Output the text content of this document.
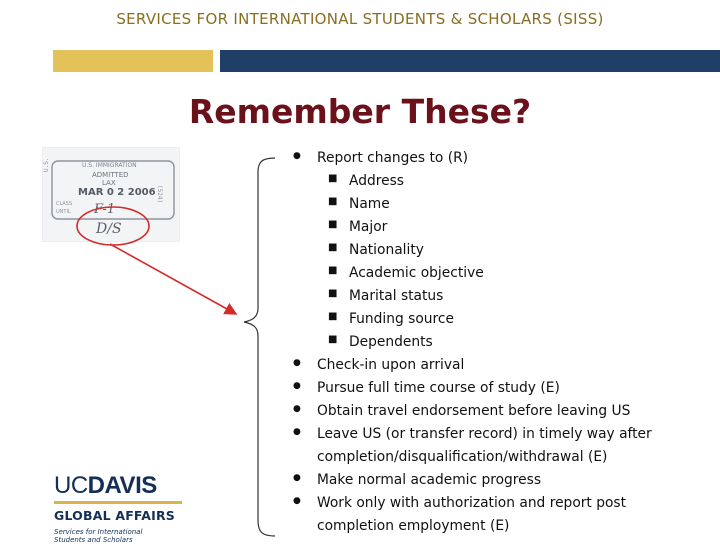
SERVICES FOR INTERNATIONAL STUDENTS & SCHOLARS (SISS)
Remember These?
U.S.	U.S. IMMIGRATION
ADMITTED
LAX
MAR 0 2 2006
CLASS
UNTIL F-1
D/S
(524)
● Report changes to (R)
■ Address
■ Name
■ Major
■ Nationality
■ Academic objective
■ Marital status
■ Funding source
■ Dependents
● Check-in upon arrival
● Pursue full time course of study (E)
● Obtain travel endorsement before leaving US
● Leave US (or transfer record) in timely way after
completion/disqualification/withdrawal (E)
● Make normal academic progress
● Work only with authorization and report post
completion employment (E)
UCDAVIS
GLOBAL AFFAIRS
Services for International
Students and Scholars
